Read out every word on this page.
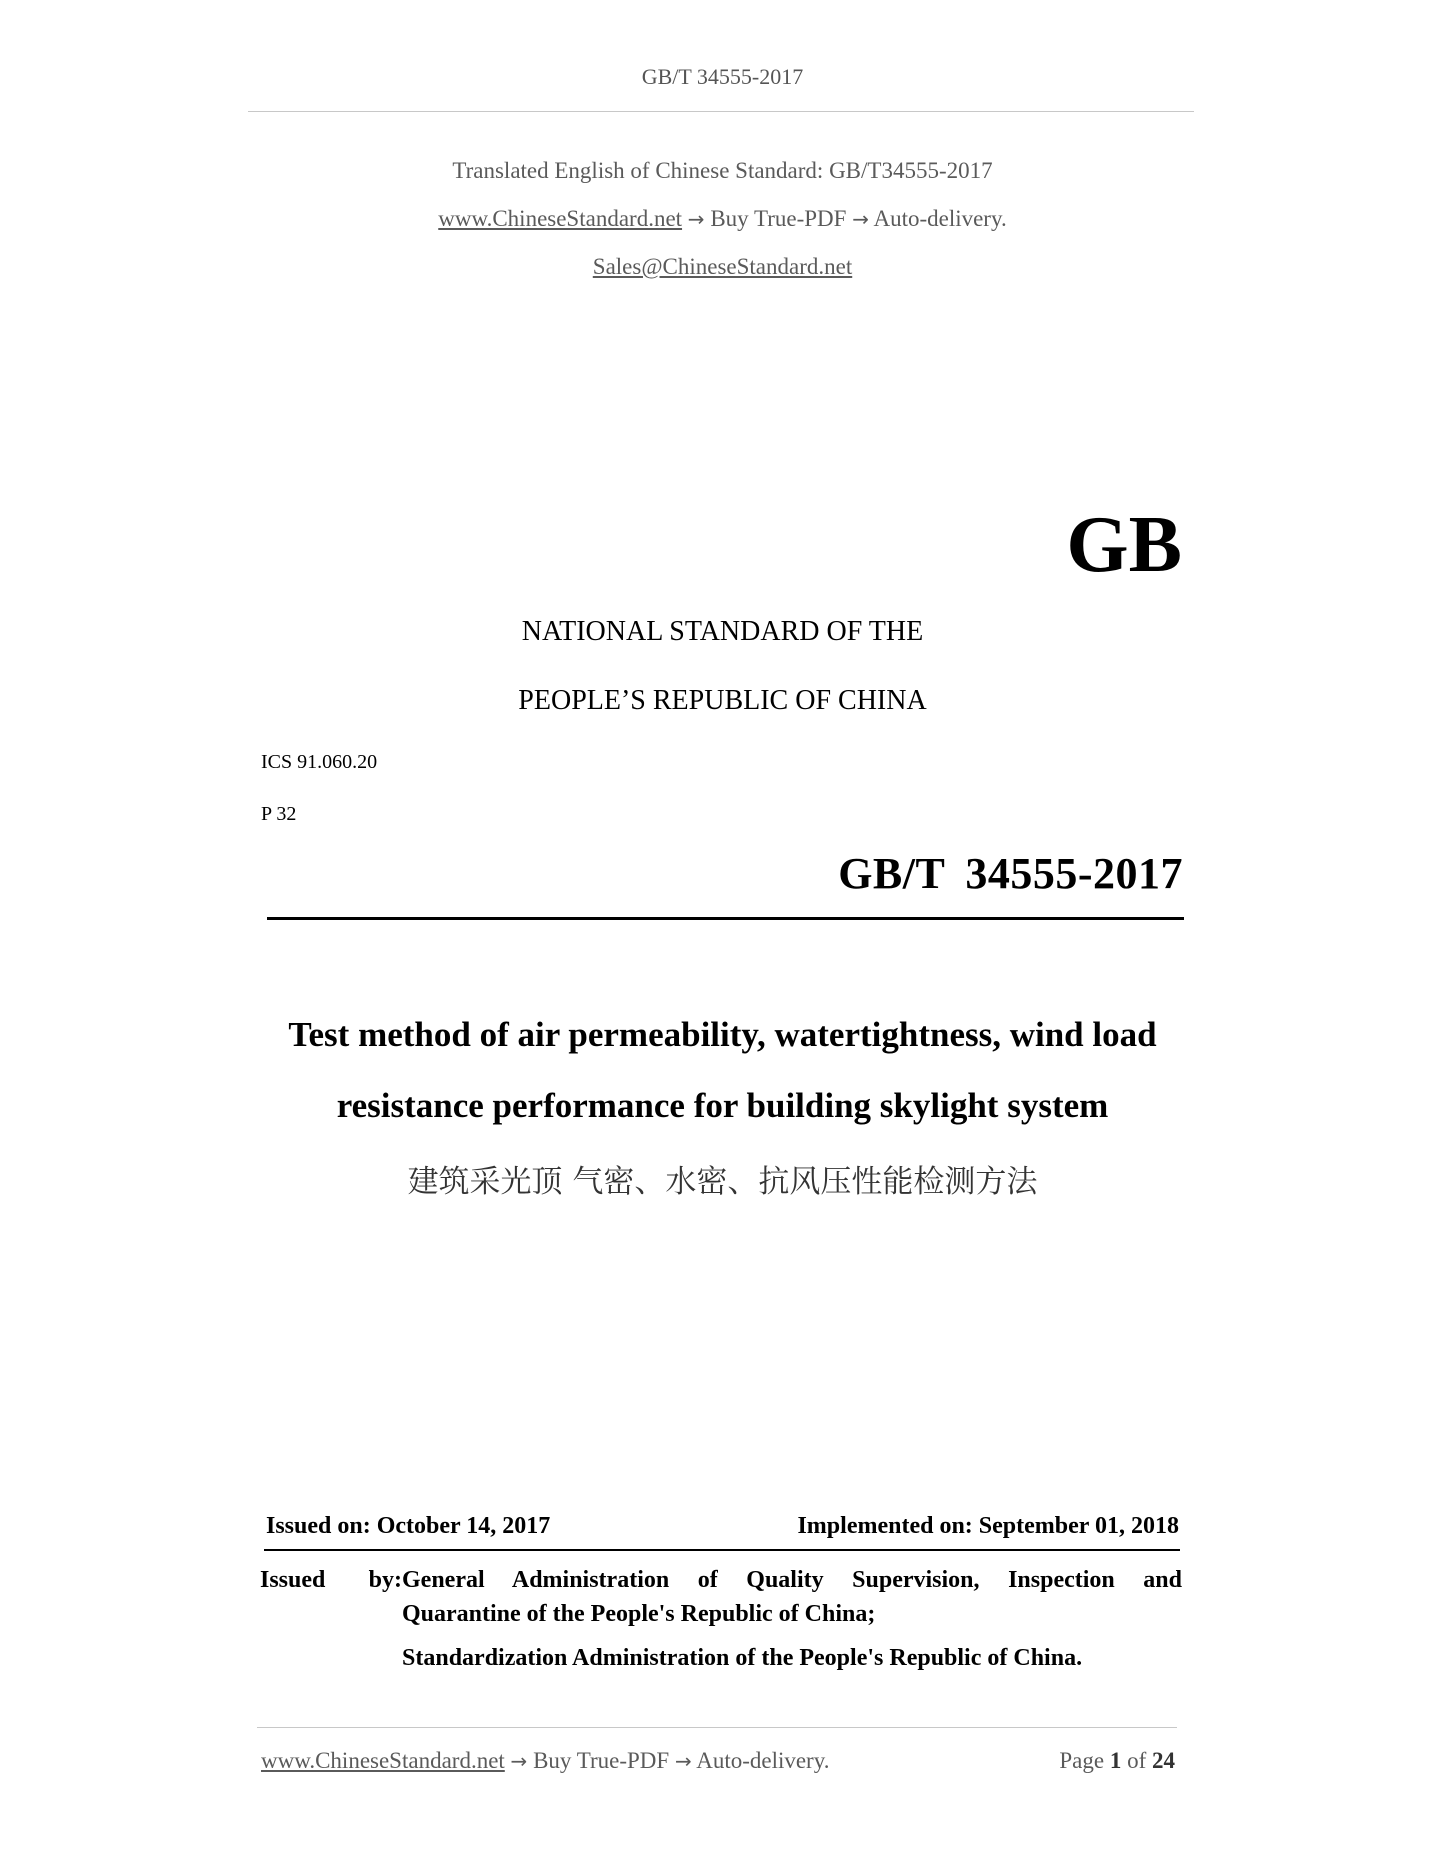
GB/T 34555-2017
Translated English of Chinese Standard: GB/T34555-2017
www.ChineseStandard.net → Buy True-PDF → Auto-delivery.
Sales@ChineseStandard.net
GB
NATIONAL STANDARD OF THE
PEOPLE’S REPUBLIC OF CHINA
ICS 91.060.20
P 32
GB/T 34555-2017
Test method of air permeability, watertightness, wind load
resistance performance for building skylight system
建筑采光顶 气密、水密、抗风压性能检测方法
Issued on: October 14, 2017	Implemented on: September 01, 2018
Issued by: General Administration of Quality Supervision, Inspection and
Quarantine of the People's Republic of China;
Standardization Administration of the People's Republic of China.
www.ChineseStandard.net → Buy True-PDF → Auto-delivery.	Page 1 of 24
